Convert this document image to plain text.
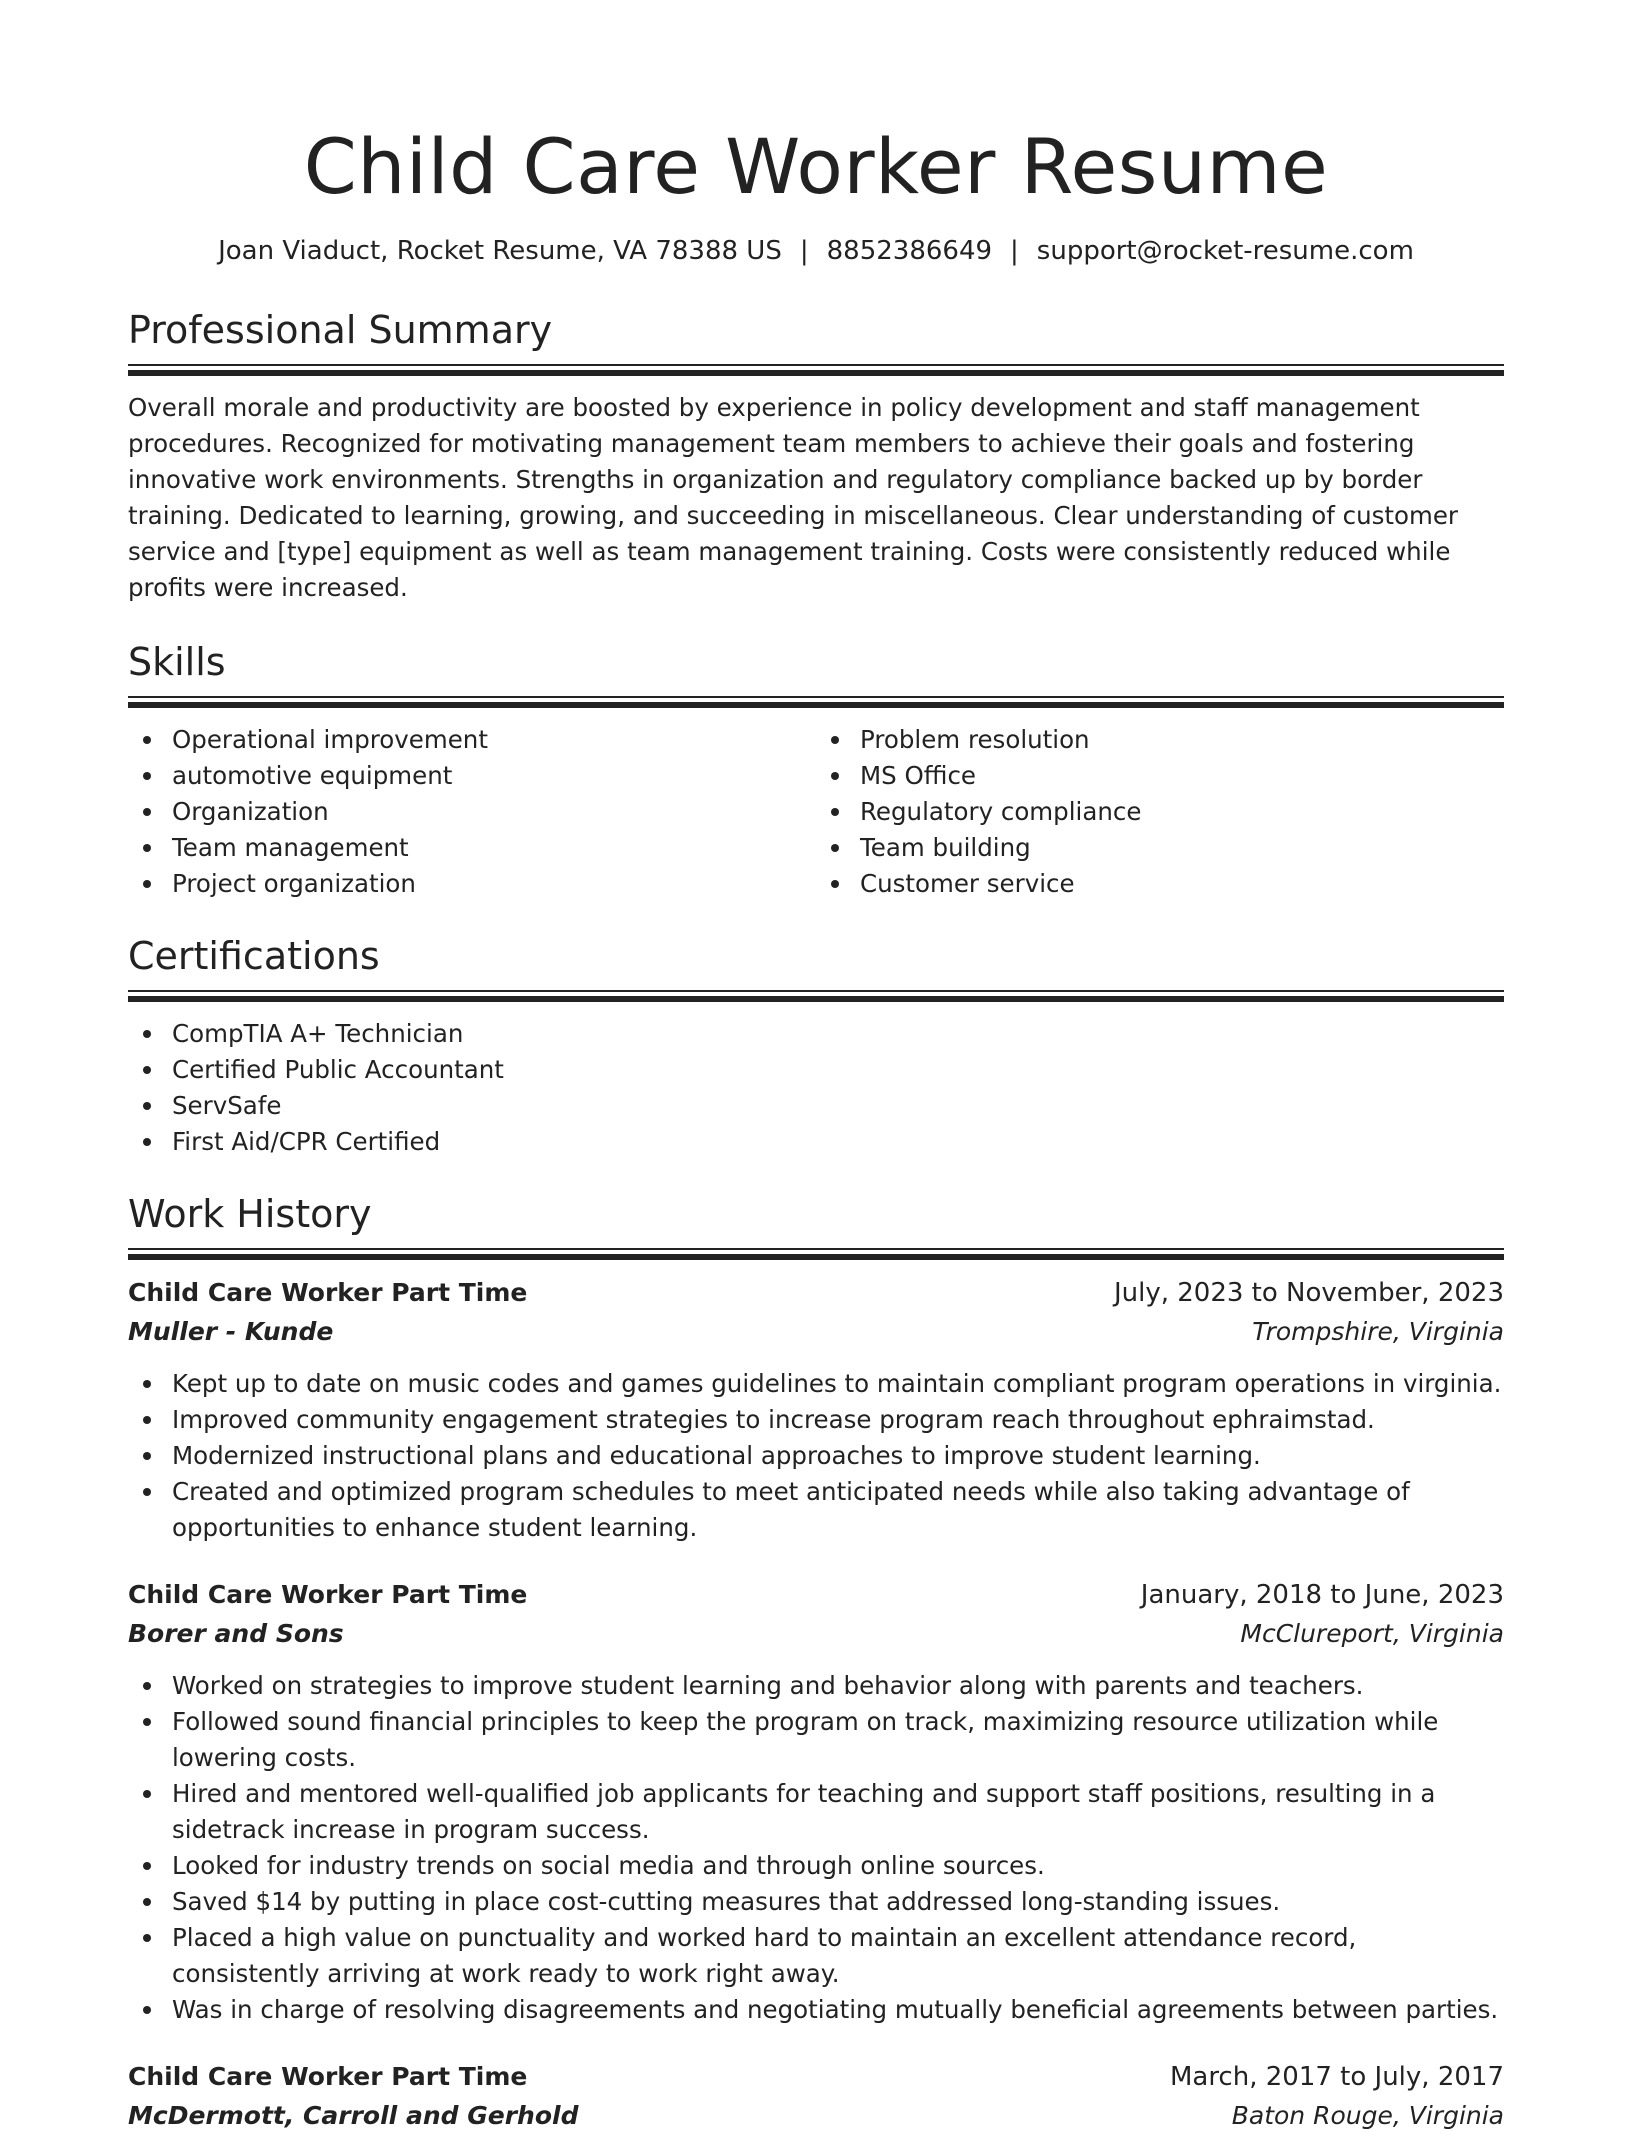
Child Care Worker Resume
Joan Viaduct, Rocket Resume, VA 78388 US | 8852386649 | support@rocket-resume.com
Professional Summary
Overall morale and productivity are boosted by experience in policy development and staff management procedures. Recognized for motivating management team members to achieve their goals and fostering innovative work environments. Strengths in organization and regulatory compliance backed up by border training. Dedicated to learning, growing, and succeeding in miscellaneous. Clear understanding of customer service and [type] equipment as well as team management training. Costs were consistently reduced while profits were increased.
Skills
Operational improvement
automotive equipment
Organization
Team management
Project organization
Problem resolution
MS Office
Regulatory compliance
Team building
Customer service
Certifications
CompTIA A+ Technician
Certified Public Accountant
ServSafe
First Aid/CPR Certified
Work History
Child Care Worker Part Time	July, 2023 to November, 2023
Muller - Kunde	Trompshire, Virginia
Kept up to date on music codes and games guidelines to maintain compliant program operations in virginia.
Improved community engagement strategies to increase program reach throughout ephraimstad.
Modernized instructional plans and educational approaches to improve student learning.
Created and optimized program schedules to meet anticipated needs while also taking advantage of opportunities to enhance student learning.
Child Care Worker Part Time	January, 2018 to June, 2023
Borer and Sons	McClureport, Virginia
Worked on strategies to improve student learning and behavior along with parents and teachers.
Followed sound financial principles to keep the program on track, maximizing resource utilization while lowering costs.
Hired and mentored well-qualified job applicants for teaching and support staff positions, resulting in a sidetrack increase in program success.
Looked for industry trends on social media and through online sources.
Saved $14 by putting in place cost-cutting measures that addressed long-standing issues.
Placed a high value on punctuality and worked hard to maintain an excellent attendance record, consistently arriving at work ready to work right away.
Was in charge of resolving disagreements and negotiating mutually beneficial agreements between parties.
Child Care Worker Part Time	March, 2017 to July, 2017
McDermott, Carroll and Gerhold	Baton Rouge, Virginia
